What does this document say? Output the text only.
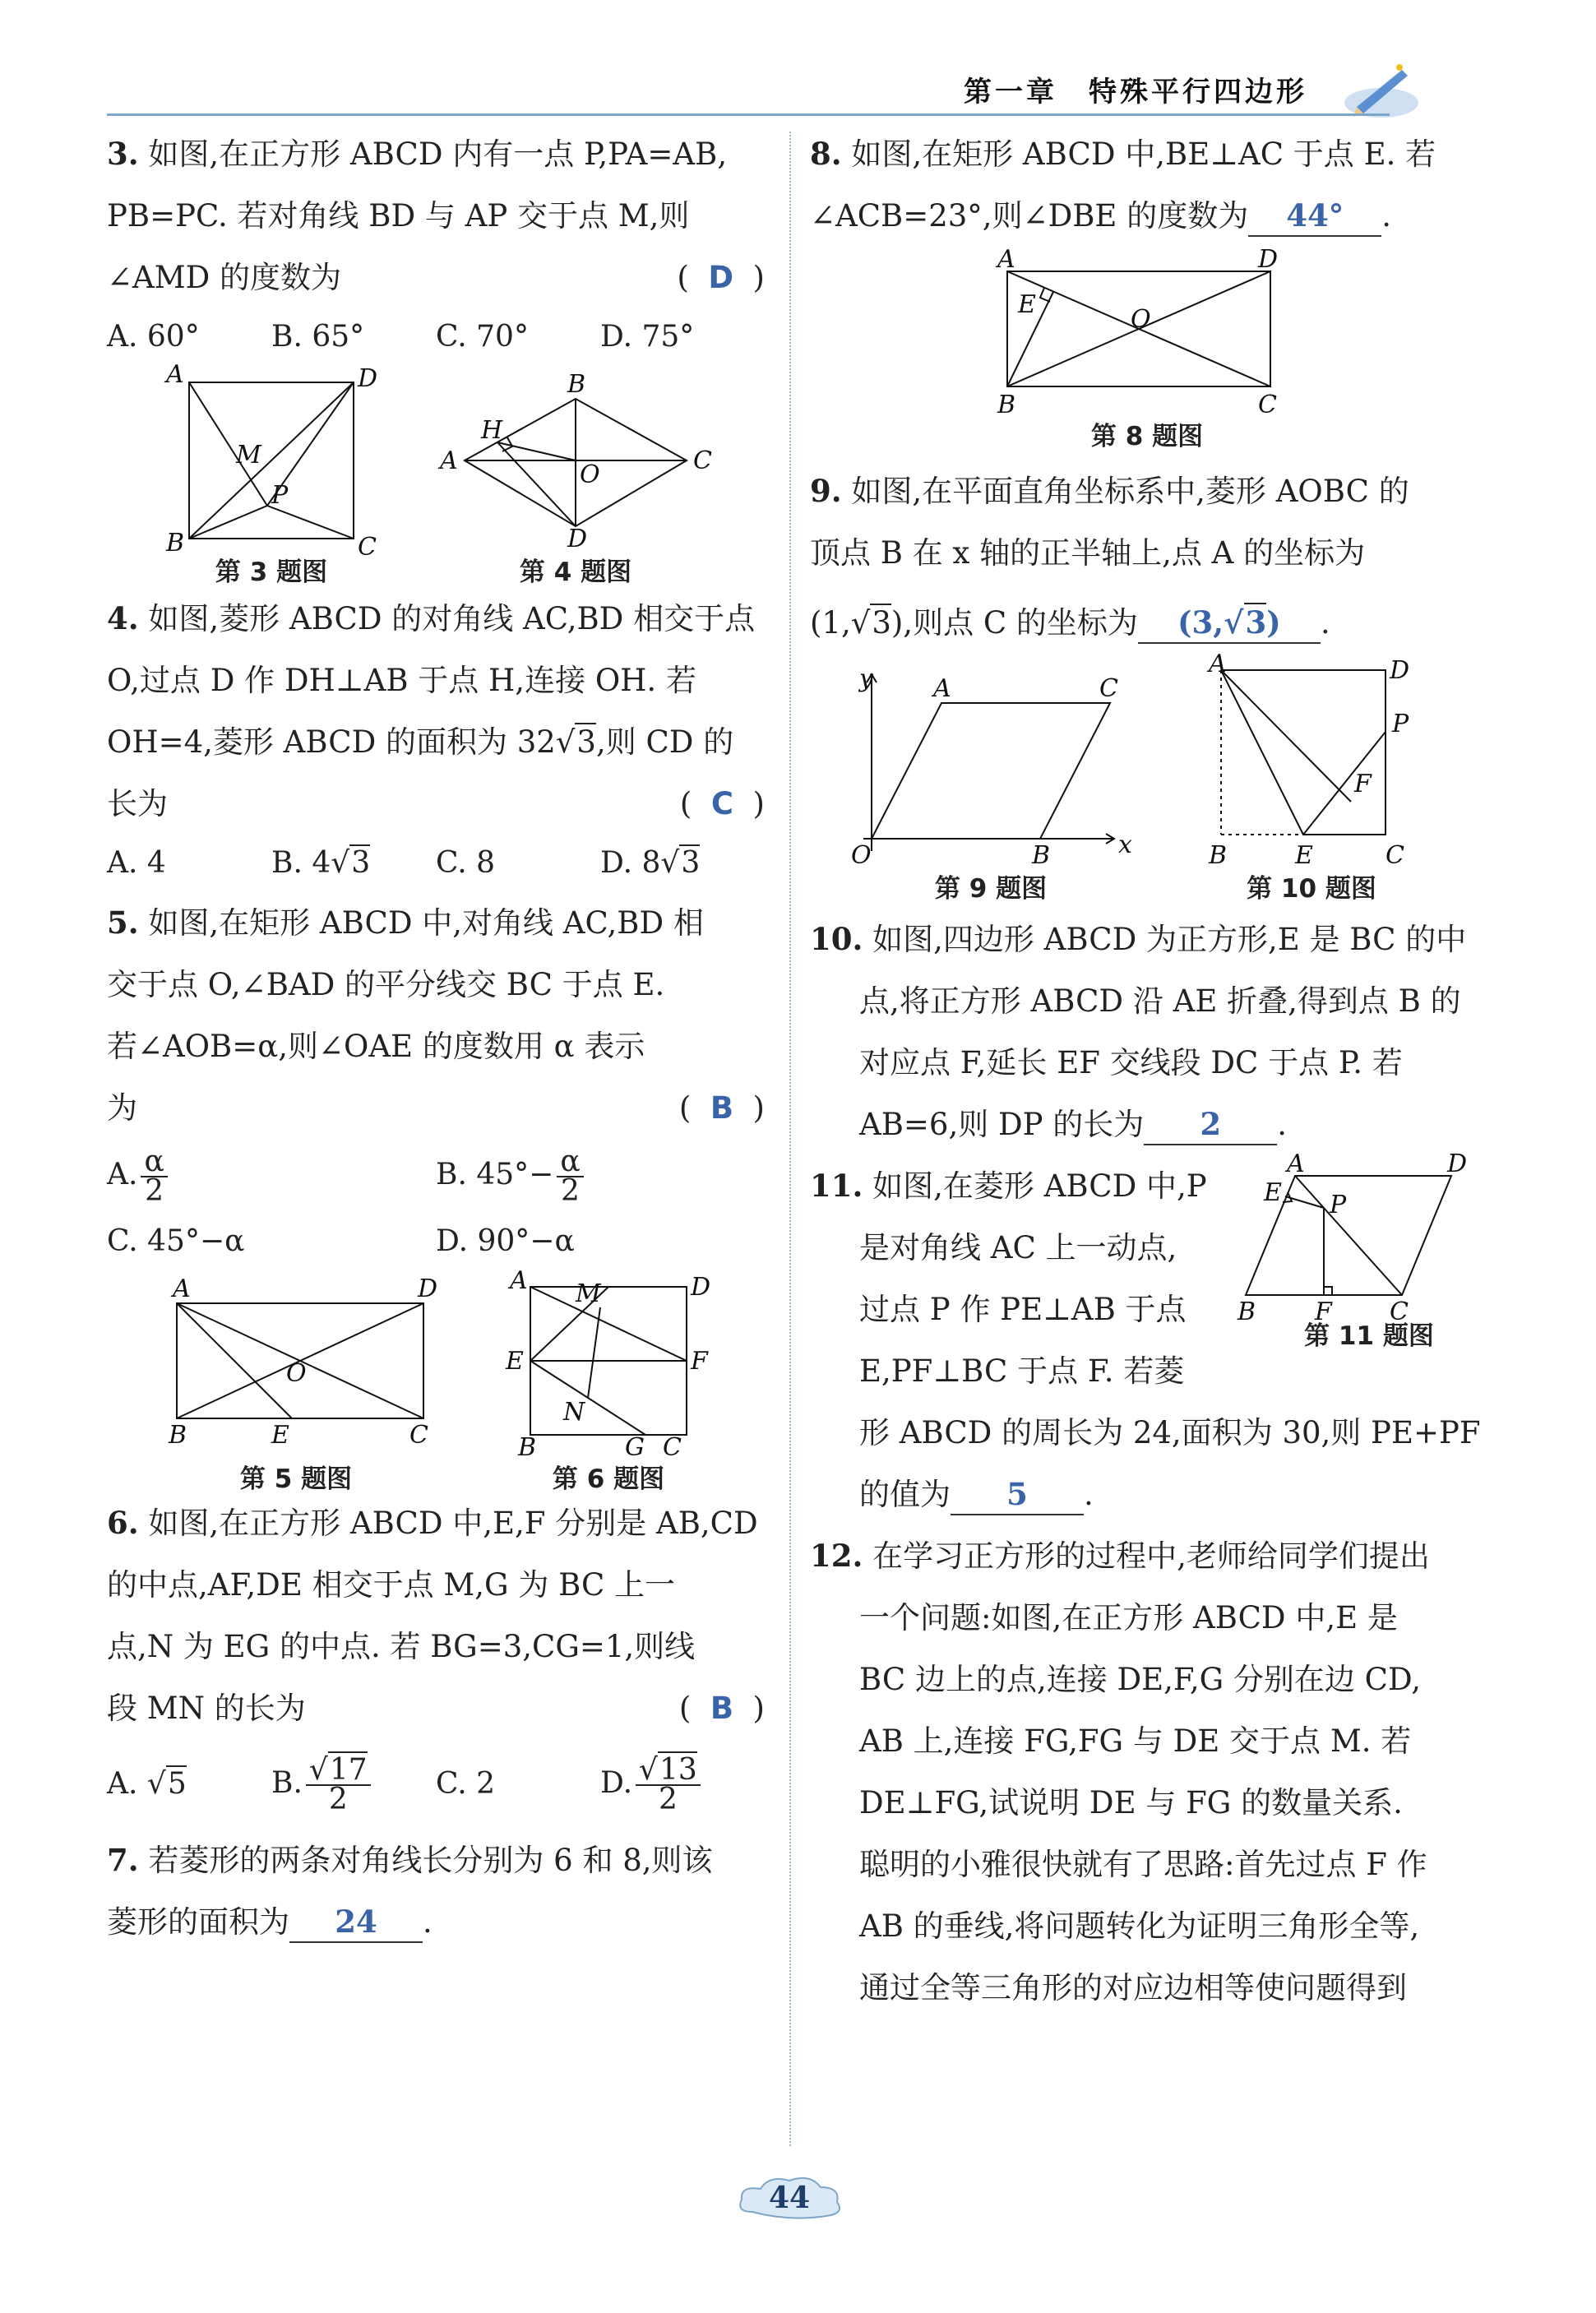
第一章　特殊平行四边形
3. 如图,在正方形 ABCD 内有一点 P,PA=AB,
PB=PC. 若对角线 BD 与 AP 交于点 M,则
∠AMD 的度数为	(  D  )
A. 60°	B. 65°	C. 70°	D. 75°
A	D
B	C
M
P
A
B
C
D
H
O
第 3 题图	第 4 题图
4. 如图,菱形 ABCD 的对角线 AC,BD 相交于点
O,过点 D 作 DH⊥AB 于点 H,连接 OH. 若
OH=4,菱形 ABCD 的面积为 32√3,则 CD 的
长为	(  C  )
A. 4	B. 4√3	C. 8	D. 8√3
5. 如图,在矩形 ABCD 中,对角线 AC,BD 相
交于点 O,∠BAD 的平分线交 BC 于点 E.
若∠AOB=α,则∠OAE 的度数用 α 表示
为	(  B  )
A. $\frac{\alpha}{2}$	B. $45^\circ- \frac{\alpha}{2}$
C. 45°−α	D. 90°−α
A	D
B	E	C
O
A	D
E	F
M
N
B	G C
第 5 题图	第 6 题图
6. 如图,在正方形 ABCD 中,E,F 分别是 AB,CD
的中点,AF,DE 相交于点 M,G 为 BC 上一
点,N 为 EG 的中点. 若 BG=3,CG=1,则线
段 MN 的长为	(  B  )
A. √5	B. $\frac{√17}{2} C$. 2	D. $\frac{√13}{2}$
7. 若菱形的两条对角线长分别为 6 和 8,则该
菱形的面积为 24 .
8. 如图,在矩形 ABCD 中,BE⊥AC 于点 E. 若
∠ACB=23°,则∠DBE 的度数为 44° .
A	D
E
O
B	C
第 8 题图
9. 如图,在平面直角坐标系中,菱形 AOBC 的
顶点 B 在 x 轴的正半轴上,点 A 的坐标为
(1,√3),则点 C 的坐标为 (3,√3) .
y
x
O	B
A	C
A	D
P
F
B	E	C
第 9 题图	第 10 题图
10. 如图,四边形 ABCD 为正方形,E 是 BC 的中
点,将正方形 ABCD 沿 AE 折叠,得到点 B 的
对应点 F,延长 EF 交线段 DC 于点 P. 若
AB=6,则 DP 的长为 2 .
11. 如图,在菱形 ABCD 中,P
是对角线 AC 上一动点,
过点 P 作 PE⊥AB 于点
E,PF⊥BC 于点 F. 若菱
形 ABCD 的周长为 24,面积为 30,则 PE+PF
的值为 5 .
A	D
E P
B F C
第 11 题图
12. 在学习正方形的过程中,老师给同学们提出
一个问题:如图,在正方形 ABCD 中,E 是
BC 边上的点,连接 DE,F,G 分别在边 CD,
AB 上,连接 FG,FG 与 DE 交于点 M. 若
DE⊥FG,试说明 DE 与 FG 的数量关系.
聪明的小雅很快就有了思路:首先过点 F 作
AB 的垂线,将问题转化为证明三角形全等,
通过全等三角形的对应边相等使问题得到
44
